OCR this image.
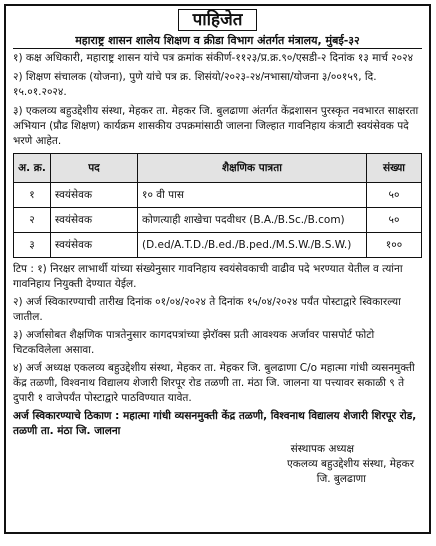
पाहिजेत
महाराष्ट्र शासन शालेय शिक्षण व क्रीडा विभाग अंतर्गत मंत्रालय, मुंबई-३२

१) कक्ष अधिकारी, महाराष्ट्र शासन यांचे पत्र क्रमांक संकीर्ण-११२३/प्र.क्र.९०/एसडी-२ दिनांक १३ मार्च २०२४

२) शिक्षण संचालक (योजना), पुणे यांचे पत्र क्र. शिसंयो/२०२३-२४/नभासा/योजना ३/००१५९, दि. १५.०१.२०२४.

३) एकलव्य बहुउद्देशीय संस्था, मेहकर ता. मेहकर जि. बुलढाणा अंतर्गत केंद्रशासन पुरस्कृत नवभारत साक्षरता अभियान (प्रौढ शिक्षण) कार्यक्रम शासकीय उपक्रमांसाठी जालना जिल्हात गावनिहाय कंत्राटी स्वयंसेवक पदे भरणे आहेत.

अ. क्र.	पद	शैक्षणिक पात्रता	संख्या
१	स्वयंसेवक	१० वी पास	५०
२	स्वयंसेवक	कोणत्याही शाखेचा पदवीधर (B.A./B.Sc./B.com)	५०
३	स्वयंसेवक	(D.ed/A.T.D./B.ed./B.ped./M.S.W./B.S.W.)	१००

टिप : १) निरक्षर लाभार्थी यांच्या संख्येनुसार गावनिहाय स्वयंसेवकाची वाढीव पदे भरण्यात येतील व त्यांना गावनिहाय नियुक्ती देण्यात येईल.

२) अर्ज स्विकारण्याची तारीख दिनांक ०१/०४/२०२४ ते दिनांक १५/०४/२०२४ पर्यंत पोस्टाद्वारे स्विकारल्या जातील.

३) अर्जासोबत शैक्षणिक पात्रतेनुसार कागदपत्रांच्या झेरॉक्स प्रती आवश्यक अर्जावर पासपोर्ट फोटो चिटकविलेला असावा.

४) अर्ज अध्यक्ष एकलव्य बहुउद्देशीय संस्था, मेहकर ता. मेहकर जि. बुलढाणा C/o महात्मा गांधी व्यसनमुक्ती केंद्र तळणी, विश्वनाथ विद्यालय शेजारी शिरपूर रोड तळणी ता. मंठा जि. जालना या पत्त्यावर सकाळी ९ ते दुपारी १ वाजेपर्यंत पोस्टाद्वारे पाठविण्यात यावेत.

अर्ज स्विकारण्याचे ठिकाण : महात्मा गांधी व्यसनमुक्ती केंद्र तळणी, विश्वनाथ विद्यालय शेजारी शिरपूर रोड, तळणी ता. मंठा जि. जालना
संस्थापक अध्यक्ष
एकलव्य बहुउद्देशीय संस्था, मेहकर
जि. बुलढाणा
